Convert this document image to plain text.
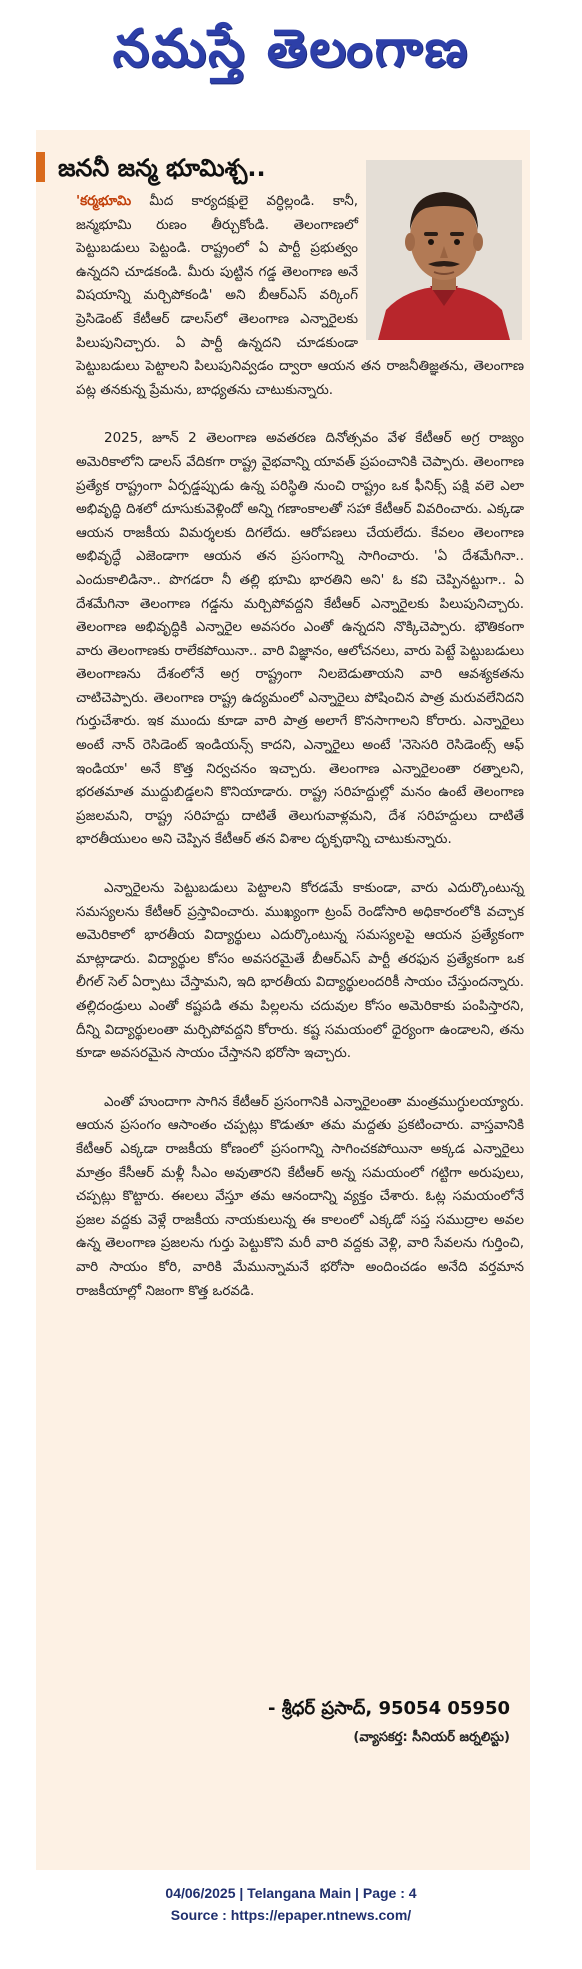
నమస్తే తెలంగాణ
జననీ జన్మ భూమిశ్చ..

'కర్మభూమి మీద కార్యదక్షులై వర్ధిల్లండి. కానీ, జన్మభూమి రుణం తీర్చుకోండి. తెలంగాణలో పెట్టుబడులు పెట్టండి. రాష్ట్రంలో ఏ పార్టీ ప్రభుత్వం ఉన్నదని చూడకండి. మీరు పుట్టిన గడ్డ తెలంగాణ అనే విషయాన్ని మర్చిపోకండి' అని బీఆర్ఎస్ వర్కింగ్ ప్రెసిడెంట్ కేటీఆర్ డాలస్‌లో తెలంగాణ ఎన్నారైలకు పిలుపునిచ్చారు. ఏ పార్టీ ఉన్నదని చూడకుండా పెట్టుబడులు పెట్టాలని పిలుపునివ్వడం ద్వారా ఆయన తన రాజనీతిజ్ఞతను, తెలంగాణ పట్ల తనకున్న ప్రేమను, బాధ్యతను చాటుకున్నారు.

2025, జూన్ 2 తెలంగాణ అవతరణ దినోత్సవం వేళ కేటీఆర్ అగ్ర రాజ్యం అమెరికాలోని డాలస్ వేదికగా రాష్ట్ర వైభవాన్ని యావత్ ప్రపంచానికి చెప్పారు. తెలంగాణ ప్రత్యేక రాష్ట్రంగా ఏర్పడ్డప్పుడు ఉన్న పరిస్థితి నుంచి రాష్ట్రం ఒక ఫీనిక్స్ పక్షి వలె ఎలా అభివృద్ధి దిశలో దూసుకువెళ్లిందో అన్ని గణాంకాలతో సహా కేటీఆర్ వివరించారు. ఎక్కడా ఆయన రాజకీయ విమర్శలకు దిగలేదు. ఆరోపణలు చేయలేదు. కేవలం తెలంగాణ అభివృద్ధే ఎజెండాగా ఆయన తన ప్రసంగాన్ని సాగించారు. 'ఏ దేశమేగినా.. ఎందుకాలిడినా.. పొగడరా నీ తల్లి భూమి భారతిని అని' ఓ కవి చెప్పినట్టుగా.. ఏ దేశమేగినా తెలంగాణ గడ్డను మర్చిపోవద్దని కేటీఆర్ ఎన్నారైలకు పిలుపునిచ్చారు. తెలంగాణ అభివృద్ధికి ఎన్నారైల అవసరం ఎంతో ఉన్నదని నొక్కిచెప్పారు. భౌతికంగా వారు తెలంగాణకు రాలేకపోయినా.. వారి విజ్ఞానం, ఆలోచనలు, వారు పెట్టే పెట్టుబడులు తెలంగాణను దేశంలోనే అగ్ర రాష్ట్రంగా నిలబెడుతాయని వారి ఆవశ్యకతను చాటిచెప్పారు. తెలంగాణ రాష్ట్ర ఉద్యమంలో ఎన్నారైలు పోషించిన పాత్ర మరువలేనిదని గుర్తుచేశారు. ఇక ముందు కూడా వారి పాత్ర అలాగే కొనసాగాలని కోరారు. ఎన్నారైలు అంటే నాన్ రెసిడెంట్ ఇండియన్స్ కాదని, ఎన్నారైలు అంటే 'నెసెసరి రెసిడెంట్స్ ఆఫ్ ఇండియా' అనే కొత్త నిర్వచనం ఇచ్చారు. తెలంగాణ ఎన్నారైలంతా రత్నాలని, భరతమాత ముద్దుబిడ్డలని కొనియాడారు. రాష్ట్ర సరిహద్దుల్లో మనం ఉంటే తెలంగాణ ప్రజలమని, రాష్ట్ర సరిహద్దు దాటితే తెలుగువాళ్లమని, దేశ సరిహద్దులు దాటితే భారతీయులం అని చెప్పిన కేటీఆర్ తన విశాల దృక్పథాన్ని చాటుకున్నారు.

ఎన్నారైలను పెట్టుబడులు పెట్టాలని కోరడమే కాకుండా, వారు ఎదుర్కొంటున్న సమస్యలను కేటీఆర్ ప్రస్తావించారు. ముఖ్యంగా ట్రంప్ రెండోసారి అధికారంలోకి వచ్చాక అమెరికాలో భారతీయ విద్యార్థులు ఎదుర్కొంటున్న సమస్యలపై ఆయన ప్రత్యేకంగా మాట్లాడారు. విద్యార్థుల కోసం అవసరమైతే బీఆర్ఎస్ పార్టీ తరఫున ప్రత్యేకంగా ఒక లీగల్ సెల్ ఏర్పాటు చేస్తామని, ఇది భారతీయ విద్యార్థులందరికీ సాయం చేస్తుందన్నారు. తల్లిదండ్రులు ఎంతో కష్టపడి తమ పిల్లలను చదువుల కోసం అమెరికాకు పంపిస్తారని, దీన్ని విద్యార్థులంతా మర్చిపోవద్దని కోరారు. కష్ట సమయంలో ధైర్యంగా ఉండాలని, తను కూడా అవసరమైన సాయం చేస్తానని భరోసా ఇచ్చారు.

ఎంతో హుందాగా సాగిన కేటీఆర్ ప్రసంగానికి ఎన్నారైలంతా మంత్రముగ్ధులయ్యారు. ఆయన ప్రసంగం ఆసాంతం చప్పట్లు కొడుతూ తమ మద్దతు ప్రకటించారు. వాస్తవానికి కేటీఆర్ ఎక్కడా రాజకీయ కోణంలో ప్రసంగాన్ని సాగించకపోయినా అక్కడ ఎన్నారైలు మాత్రం కేసీఆర్ మళ్లీ సీఎం అవుతారని కేటీఆర్ అన్న సమయంలో గట్టిగా అరుపులు, చప్పట్లు కొట్టారు. ఈలలు వేస్తూ తమ ఆనందాన్ని వ్యక్తం చేశారు. ఓట్ల సమయంలోనే ప్రజల వద్దకు వెళ్లే రాజకీయ నాయకులున్న ఈ కాలంలో ఎక్కడో సప్త సముద్రాల అవల ఉన్న తెలంగాణ ప్రజలను గుర్తు పెట్టుకొని మరీ వారి వద్దకు వెళ్లి, వారి సేవలను గుర్తించి, వారి సాయం కోరి, వారికి మేమున్నామనే భరోసా అందించడం అనేది వర్తమాన రాజకీయాల్లో నిజంగా కొత్త ఒరవడి.

- శ్రీధర్ ప్రసాద్, 95054 05950
(వ్యాసకర్త: సీనియర్ జర్నలిస్టు)
04/06/2025 | Telangana Main | Page : 4
Source : https://epaper.ntnews.com/
